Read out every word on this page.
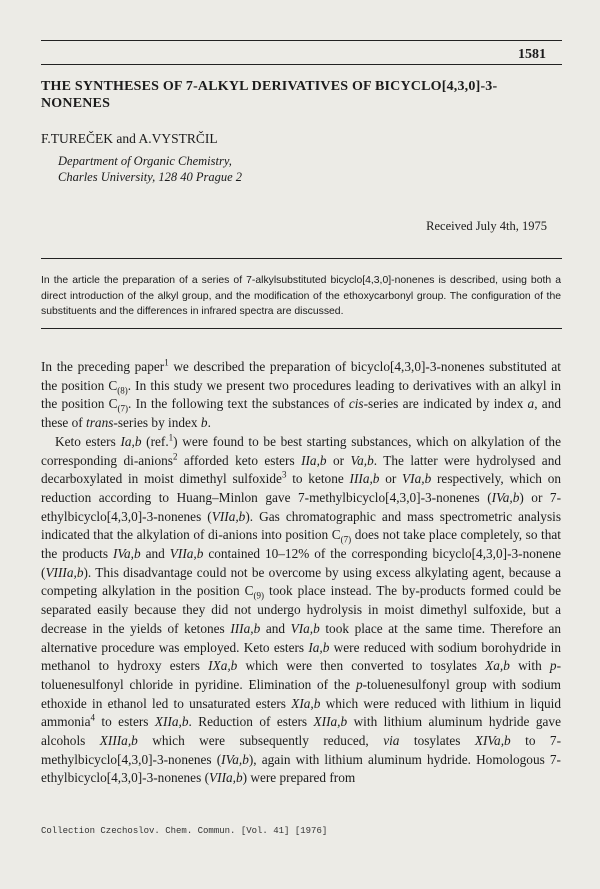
1581
THE SYNTHESES OF 7-ALKYL DERIVATIVES OF BICYCLO[4,3,0]-3-NONENES
F.TUREČEK and A.VYSTRČIL
Department of Organic Chemistry,
Charles University, 128 40 Prague 2
Received July 4th, 1975
In the article the preparation of a series of 7-alkylsubstituted bicyclo[4,3,0]-nonenes is described, using both a direct introduction of the alkyl group, and the modification of the ethoxycarbonyl group. The configuration of the substituents and the differences in infrared spectra are discussed.

In the preceding paper$^1$ we described the preparation of bicyclo[4,3,0]-3-nonenes substituted at the position $C_{(8)}$. In this study we present two procedures leading to derivatives with an alkyl in the position $C_{(7)}$. In the following text the substances of cis-series are indicated by index a, and these of trans-series by index b.

Keto esters Ia,b (ref.$^1$) were found to be best starting substances, which on alkylation of the corresponding di-anions$^2$ afforded keto esters IIa,b or Va,b. The latter were hydrolysed and decarboxylated in moist dimethyl sulfoxide$^3$ to ketone IIIa,b or VIa,b respectively, which on reduction according to Huang–Minlon gave 7-methylbicyclo[4,3,0]-3-nonenes (IVa,b) or 7-ethylbicyclo[4,3,0]-3-nonenes (VIIa,b). Gas chromatographic and mass spectrometric analysis indicated that the alkylation of di-anions into position $C_{(7)}$ does not take place completely, so that the products IVa,b and VIIa,b contained 10–12% of the corresponding bicyclo[4,3,0]-3-nonene (VIIIa,b). This disadvantage could not be overcome by using excess alkylating agent, because a competing alkylation in the position $C_{(9)}$ took place instead. The by-products formed could be separated easily because they did not undergo hydrolysis in moist dimethyl sulfoxide, but a decrease in the yields of ketones IIIa,b and VIa,b took place at the same time. Therefore an alternative procedure was employed. Keto esters Ia,b were reduced with sodium borohydride in methanol to hydroxy esters IXa,b which were then converted to tosylates Xa,b with p-toluenesulfonyl chloride in pyridine. Elimination of the p-toluenesulfonyl group with sodium ethoxide in ethanol led to unsaturated esters XIa,b which were reduced with lithium in liquid ammonia$^4$ to esters XIIa,b. Reduction of esters XIIa,b with lithium aluminum hydride gave alcohols XIIIa,b which were subsequently reduced, via tosylates XIVa,b to 7-methylbicyclo[4,3,0]-3-nonenes (IVa,b), again with lithium aluminum hydride. Homologous 7-ethylbicyclo[4,3,0]-3-nonenes (VIIa,b) were prepared from

Collection Czechoslov. Chem. Commun. [Vol. 41] [1976]
